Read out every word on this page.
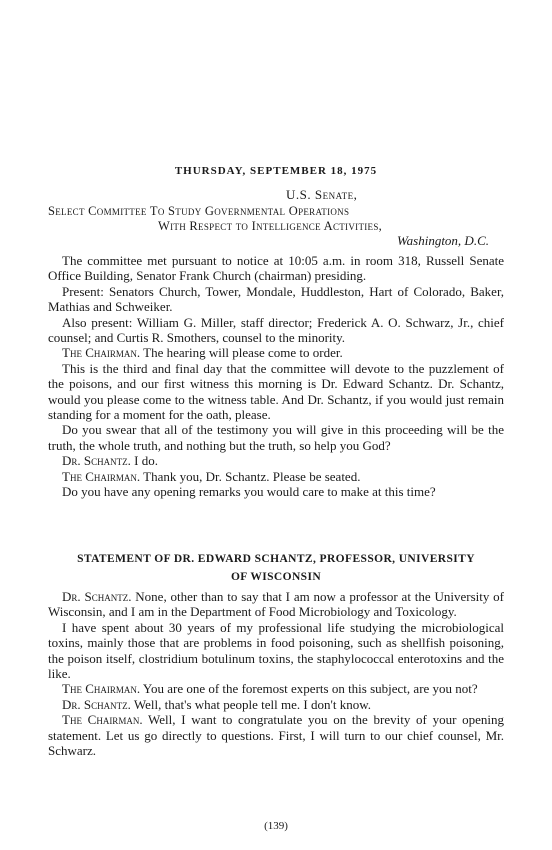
THURSDAY, SEPTEMBER 18, 1975
U.S. Senate,
Select Committee To Study Governmental Operations
With Respect to Intelligence Activities,
Washington, D.C.

The committee met pursuant to notice at 10:05 a.m. in room 318, Russell Senate Office Building, Senator Frank Church (chairman) presiding.

Present: Senators Church, Tower, Mondale, Huddleston, Hart of Colorado, Baker, Mathias and Schweiker.

Also present: William G. Miller, staff director; Frederick A. O. Schwarz, Jr., chief counsel; and Curtis R. Smothers, counsel to the minority.

The Chairman. The hearing will please come to order.

This is the third and final day that the committee will devote to the puzzlement of the poisons, and our first witness this morning is Dr. Edward Schantz. Dr. Schantz, would you please come to the witness table. And Dr. Schantz, if you would just remain standing for a moment for the oath, please.

Do you swear that all of the testimony you will give in this proceeding will be the truth, the whole truth, and nothing but the truth, so help you God?

Dr. Schantz. I do.

The Chairman. Thank you, Dr. Schantz. Please be seated.

Do you have any opening remarks you would care to make at this time?

STATEMENT OF DR. EDWARD SCHANTZ, PROFESSOR, UNIVERSITY
OF WISCONSIN

Dr. Schantz. None, other than to say that I am now a professor at the University of Wisconsin, and I am in the Department of Food Microbiology and Toxicology.

I have spent about 30 years of my professional life studying the microbiological toxins, mainly those that are problems in food poisoning, such as shellfish poisoning, the poison itself, clostridium botulinum toxins, the staphylococcal enterotoxins and the like.

The Chairman. You are one of the foremost experts on this subject, are you not?

Dr. Schantz. Well, that's what people tell me. I don't know.

The Chairman. Well, I want to congratulate you on the brevity of your opening statement. Let us go directly to questions. First, I will turn to our chief counsel, Mr. Schwarz.

(139)
